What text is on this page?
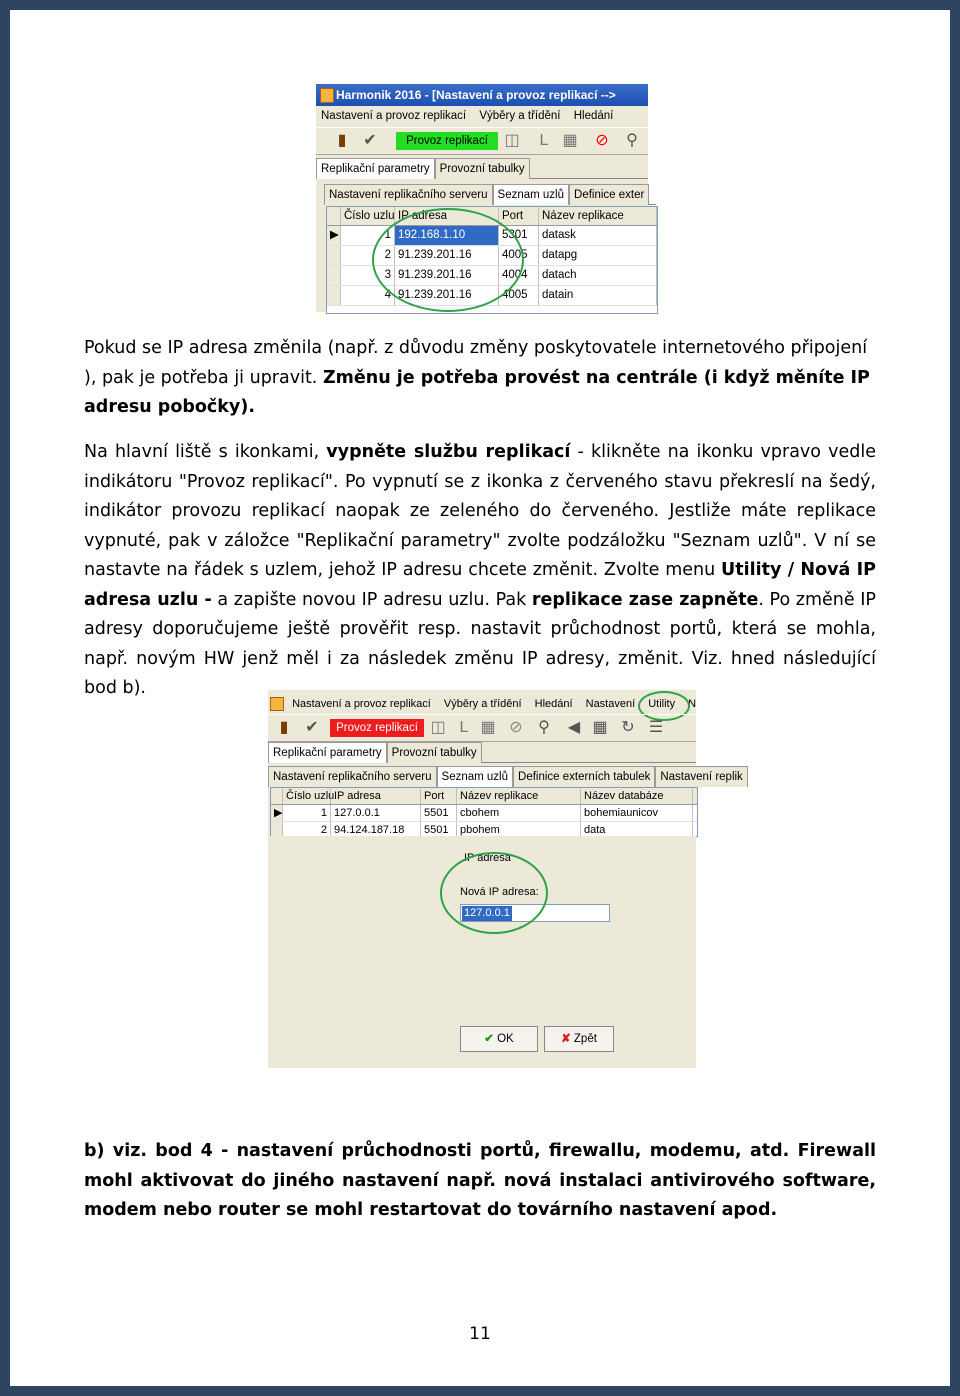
Harmonik 2016 - [Nastavení a provoz replikací -->
Nastavení a provoz replikací Výběry a třídění Hledání
▮	✔	Provoz replikací	◫	L ▦ ⊘ ⚲
Replikační parametry Provozní tabulky
Nastavení replikačního serveru Seznam uzlů Definice exter
Číslo uzlu IP adresa	Port	Název replikace
▶	1 192.168.1.10	5301	datask
2 91.239.201.16	4005	datapg
3 91.239.201.16	4004	datach
4 91.239.201.16	4005	datain
Pokud se IP adresa změnila (např. z důvodu změny poskytovatele internetového připojení ), pak je potřeba ji upravit. Změnu je potřeba provést na centrále (i když měníte IP adresu pobočky).
Na hlavní liště s ikonkami, vypněte službu replikací - klikněte na ikonku vpravo vedle indikátoru "Provoz replikací". Po vypnutí se z ikonka z červeného stavu překreslí na šedý, indikátor provozu replikací naopak ze zeleného do červeného. Jestliže máte replikace vypnuté, pak v záložce "Replikační parametry" zvolte podzáložku "Seznam uzlů". V ní se nastavte na řádek s uzlem, jehož IP adresu chcete změnit. Zvolte menu Utility / Nová IP adresa uzlu - a zapište novou IP adresu uzlu. Pak replikace zase zapněte. Po změně IP adresy doporučujeme ještě prověřit resp. nastavit průchodnost portů, která se mohla, např. novým HW jenž měl i za následek změnu IP adresy, změnit. Viz. hned následující bod b).
Nastavení a provoz replikací Výběry a třídění Hledání Nastavení Utility N
▮	✔	Provoz replikací ◫ L ▦ ⊘ ⚲ ◀ ▦ ↻ ☰
Replikační parametry Provozní tabulky
Nastavení replikačního serveru Seznam uzlů Definice externích tabulek Nastavení replik
Číslo uzlu IP adresa	Port	Název replikace	Název databáze
▶	1 127.0.0.1	5501	cbohem	bohemiaunicov
2 94.124.187.18	5501	pbohem	data
IP adresa
Nová IP adresa:
127.0.0.1
✔ OK	✘ Zpět
b) viz. bod 4 - nastavení průchodnosti portů, firewallu, modemu, atd. Firewall mohl aktivovat do jiného nastavení např. nová instalaci antivirového software, modem nebo router se mohl restartovat do továrního nastavení apod.
11
